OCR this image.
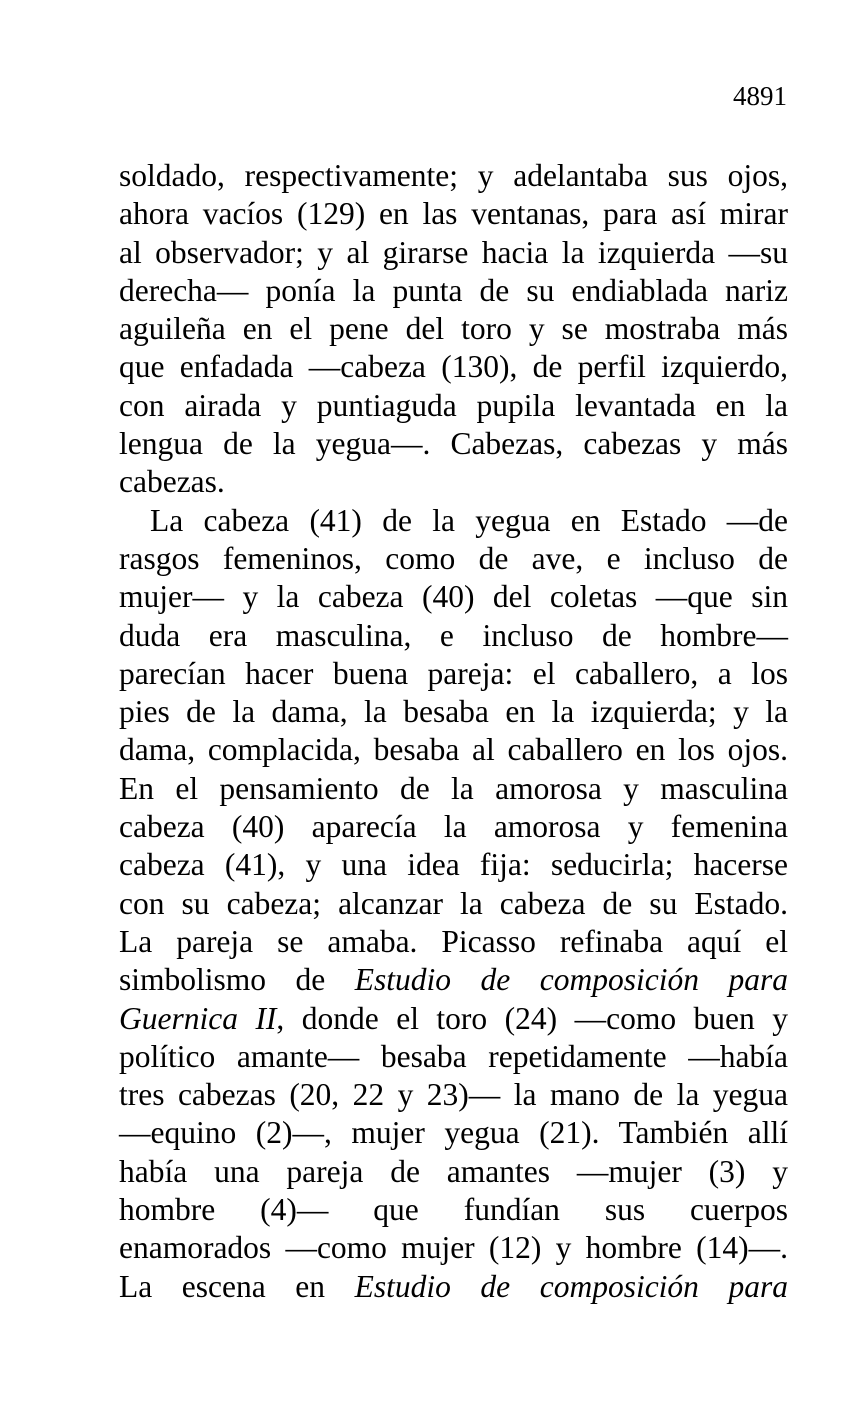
4891

soldado, respectivamente; y adelantaba sus ojos,
ahora vacíos (129) en las ventanas, para así mirar
al observador; y al girarse hacia la izquierda —su
derecha— ponía la punta de su endiablada nariz
aguileña en el pene del toro y se mostraba más
que enfadada —cabeza (130), de perfil izquierdo,
con airada y puntiaguda pupila levantada en la
lengua de la yegua—. Cabezas, cabezas y más
cabezas.

La cabeza (41) de la yegua en Estado —de
rasgos femeninos, como de ave, e incluso de
mujer— y la cabeza (40) del coletas —que sin
duda era masculina, e incluso de hombre—
parecían hacer buena pareja: el caballero, a los
pies de la dama, la besaba en la izquierda; y la
dama, complacida, besaba al caballero en los ojos.
En el pensamiento de la amorosa y masculina
cabeza (40) aparecía la amorosa y femenina
cabeza (41), y una idea fija: seducirla; hacerse
con su cabeza; alcanzar la cabeza de su Estado.
La pareja se amaba. Picasso refinaba aquí el
simbolismo de Estudio de composición para
Guernica II, donde el toro (24) —como buen y
político amante— besaba repetidamente —había
tres cabezas (20, 22 y 23)— la mano de la yegua
—equino (2)—, mujer yegua (21). También allí
había una pareja de amantes —mujer (3) y
hombre (4)— que fundían sus cuerpos
enamorados —como mujer (12) y hombre (14)—.
La escena en Estudio de composición para
